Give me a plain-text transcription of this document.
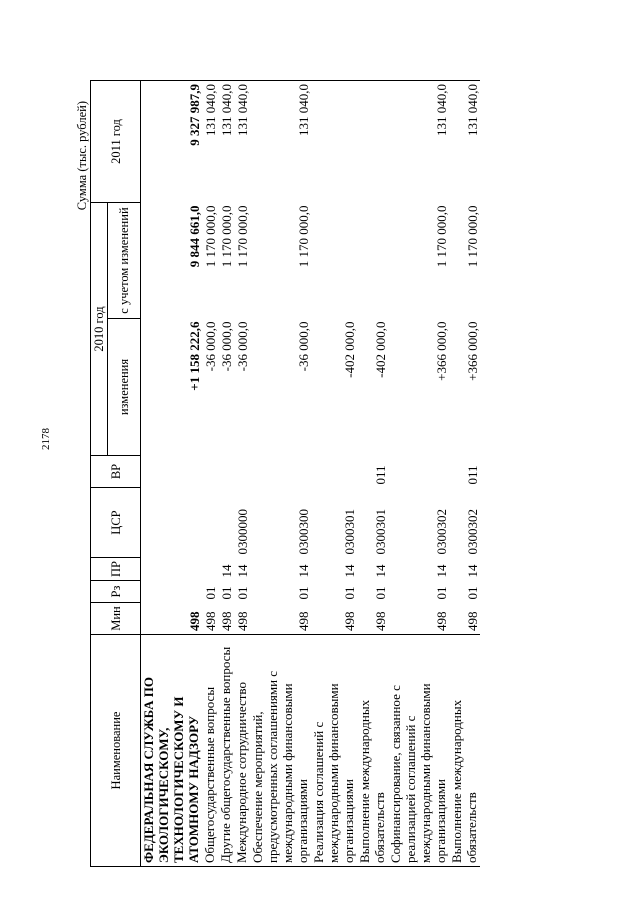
2178
Сумма (тыс. рублей)
Наименование	Мин	Рз	ПР	ЦСР	ВР	2010 год		2011 год
						изменения	с учетом изменений	
ФЕДЕРАЛЬНАЯ СЛУЖБА ПО ЭКОЛОГИЧЕСКОМУ, ТЕХНОЛОГИЧЕСКОМУ И АТОМНОМУ НАДЗОРУ	498					+1 158 222,6	9 844 661,0	9 327 987,9
Общегосударственные вопросы	498	01				-36 000,0	1 170 000,0	131 040,0
Другие общегосударственные вопросы	498	01	14			-36 000,0	1 170 000,0	131 040,0
Международное сотрудничество	498	01	14	0300000		-36 000,0	1 170 000,0	131 040,0
Обеспечение мероприятий, предусмотренных соглашениями с международными финансовыми организациями	498	01	14	0300300		-36 000,0	1 170 000,0	131 040,0
Реализация соглашений с международными финансовыми организациями	498	01	14	0300301		-402 000,0		
Выполнение международных обязательств	498	01	14	0300301	011	-402 000,0		
Софинансирование, связанное с реализацией соглашений с международными финансовыми организациями	498	01	14	0300302		+366 000,0	1 170 000,0	131 040,0
Выполнение международных обязательств	498	01	14	0300302	011	+366 000,0	1 170 000,0	131 040,0
